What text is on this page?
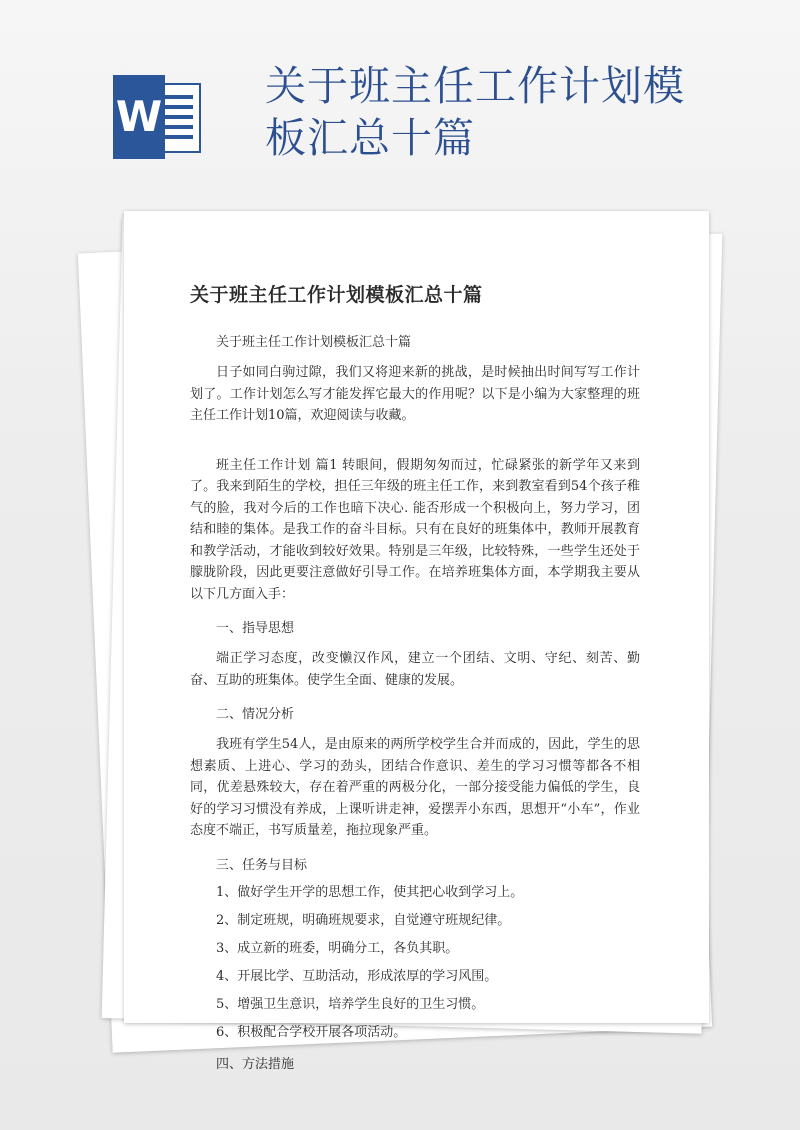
W
关于班主任工作计划模板汇总十篇
关于班主任工作计划模板汇总十篇
关于班主任工作计划模板汇总十篇

日子如同白驹过隙，我们又将迎来新的挑战，是时候抽出时间写写工作计划了。工作计划怎么写才能发挥它最大的作用呢？以下是小编为大家整理的班主任工作计划10篇，欢迎阅读与收藏。

班主任工作计划 篇1 转眼间，假期匆匆而过，忙碌紧张的新学年又来到了。我来到陌生的学校，担任三年级的班主任工作，来到教室看到54个孩子稚气的脸，我对今后的工作也暗下决心. 能否形成一个积极向上，努力学习，团结和睦的集体。是我工作的奋斗目标。只有在良好的班集体中，教师开展教育和教学活动，才能收到较好效果。特别是三年级，比较特殊，一些学生还处于朦胧阶段，因此更要注意做好引导工作。在培养班集体方面，本学期我主要从以下几方面入手：

一、指导思想

端正学习态度，改变懒汉作风，建立一个团结、文明、守纪、刻苦、勤奋、互助的班集体。使学生全面、健康的发展。

二、情况分析

我班有学生54人，是由原来的两所学校学生合并而成的，因此，学生的思想素质、上进心、学习的劲头，团结合作意识、差生的学习习惯等都各不相同，优差悬殊较大，存在着严重的两极分化，一部分接受能力偏低的学生，良好的学习习惯没有养成，上课听讲走神，爱摆弄小东西，思想开“小车”，作业态度不端正，书写质量差，拖拉现象严重。

三、任务与目标
1、做好学生开学的思想工作，使其把心收到学习上。
2、制定班规，明确班规要求，自觉遵守班规纪律。
3、成立新的班委，明确分工，各负其职。
4、开展比学、互助活动，形成浓厚的学习风围。
5、增强卫生意识，培养学生良好的卫生习惯。
6、积极配合学校开展各项活动。
四、方法措施
